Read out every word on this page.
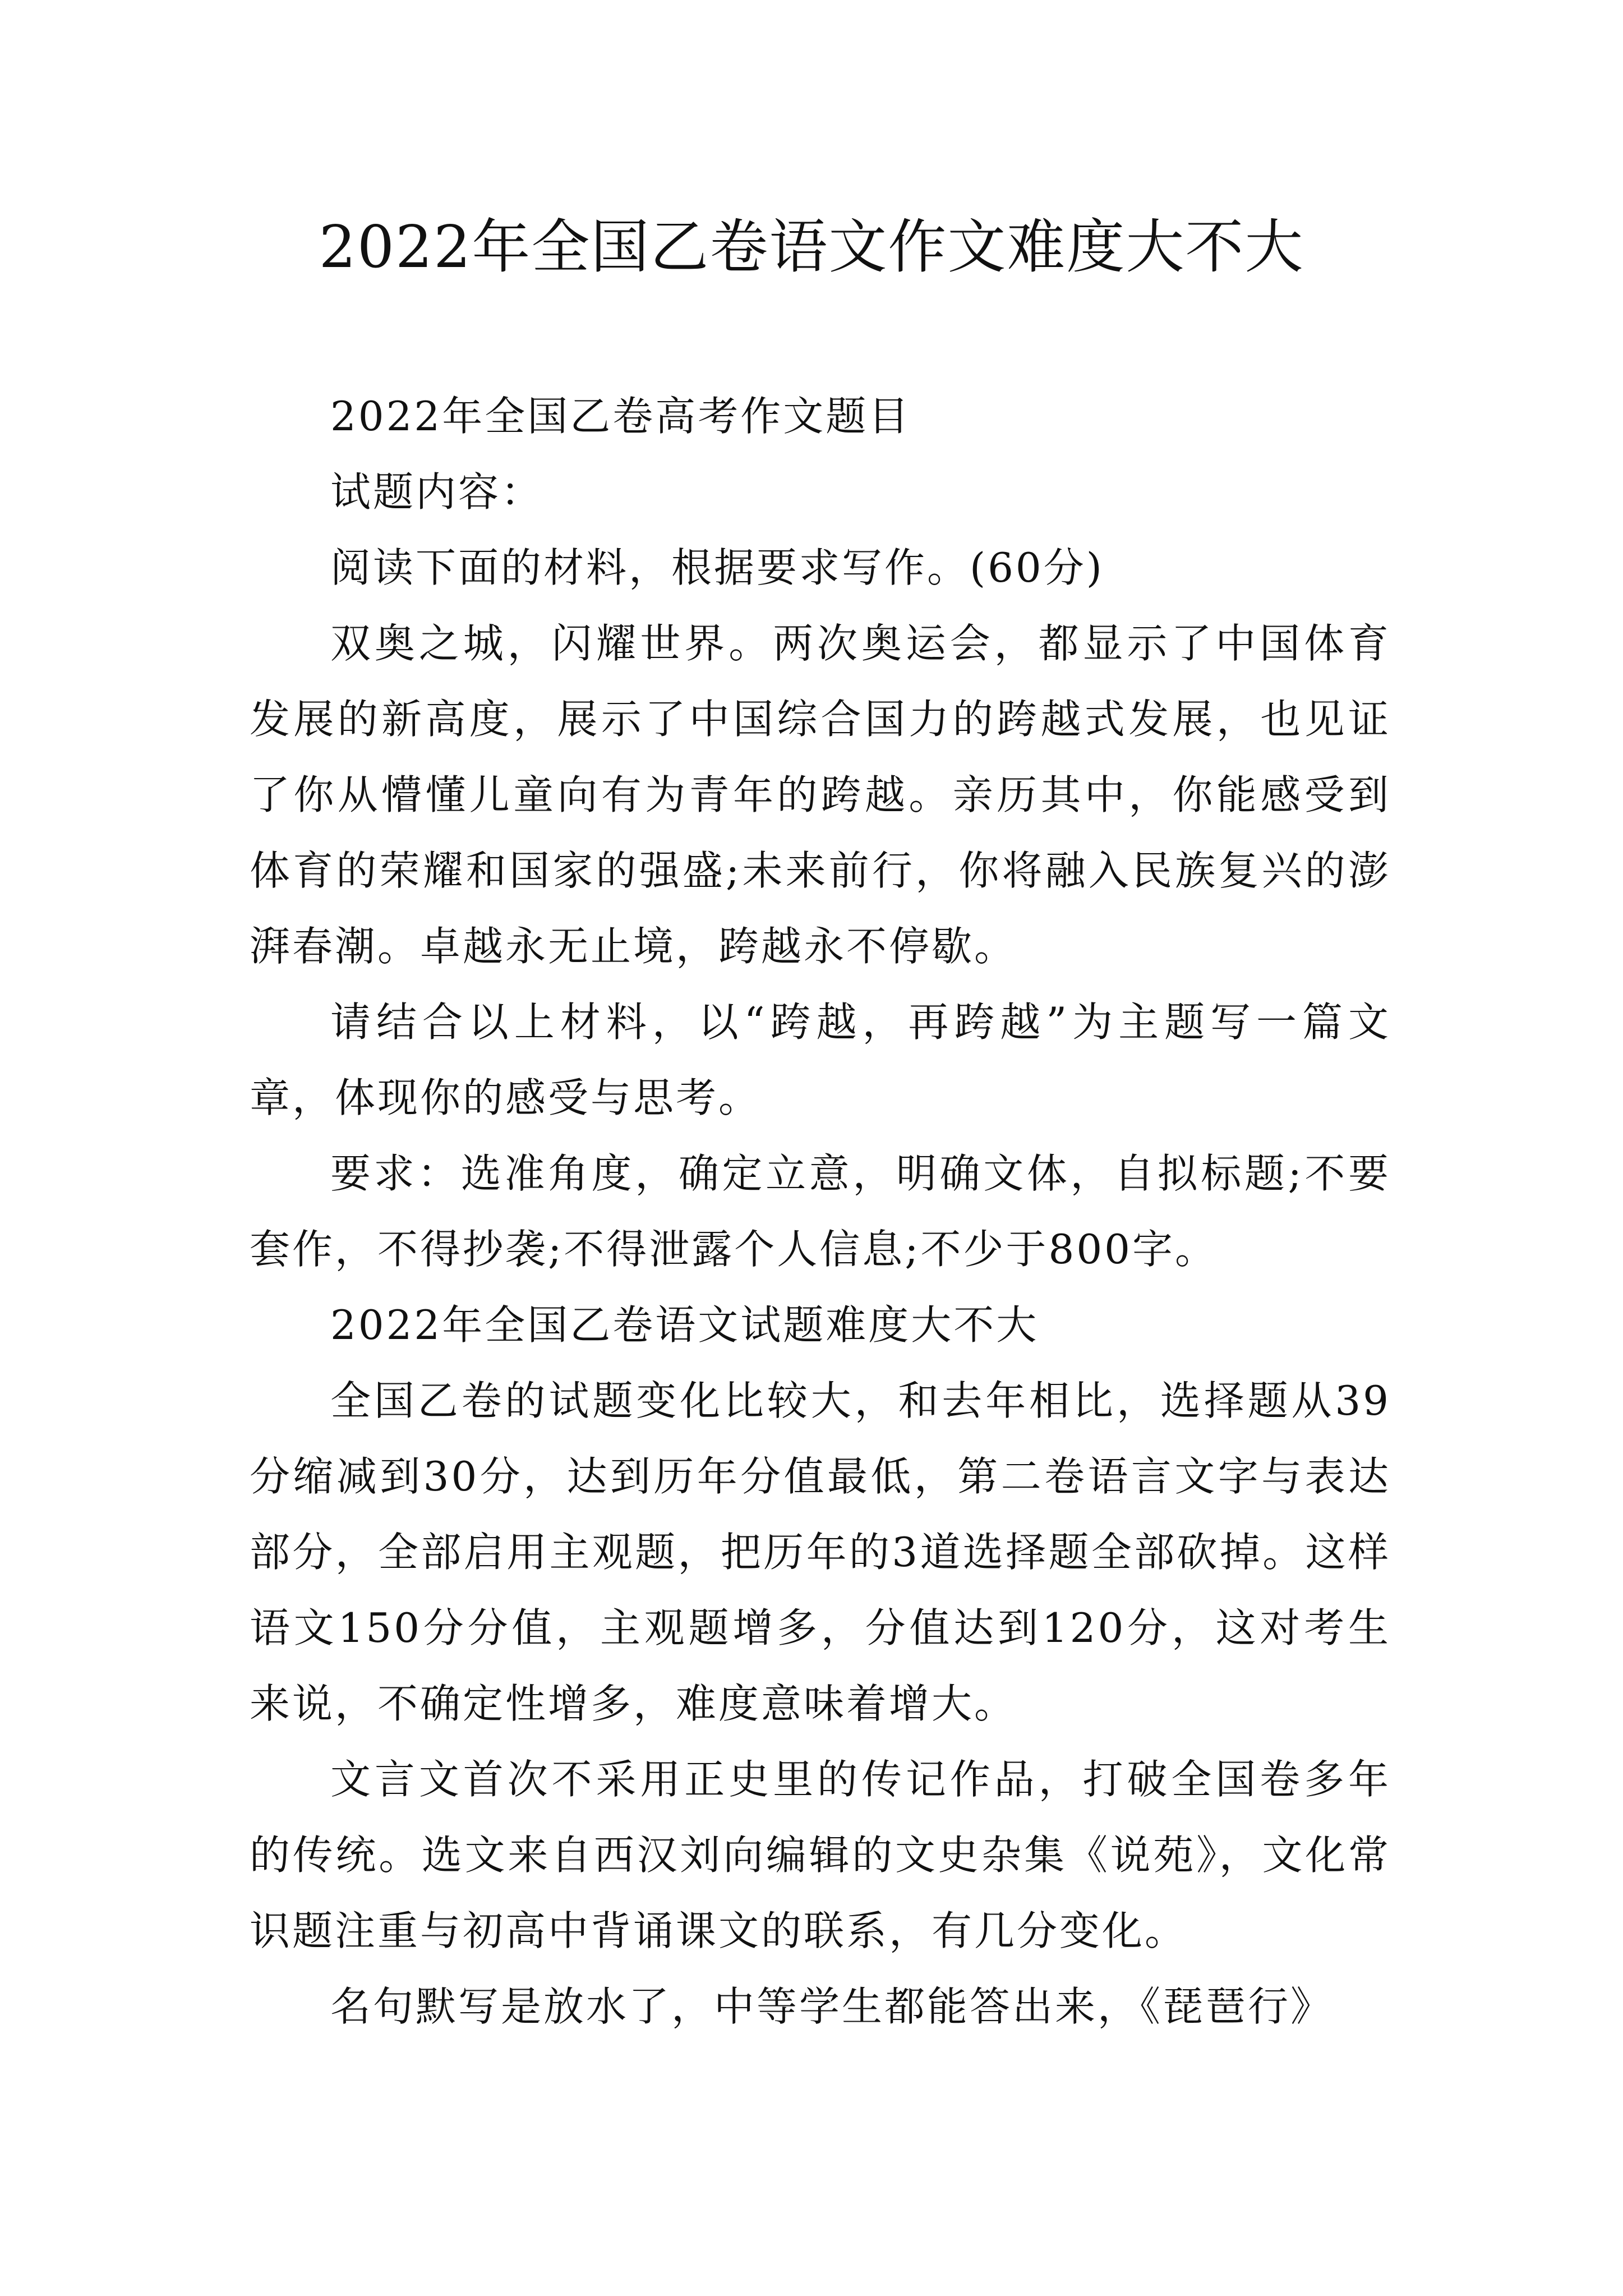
2022年全国乙卷语文作文难度大不大

2022年全国乙卷高考作文题目

试题内容：

阅读下面的材料，根据要求写作。(60分)

双奥之城，闪耀世界。两次奥运会，都显示了中国体育发展的新高度，展示了中国综合国力的跨越式发展，也见证了你从懵懂儿童向有为青年的跨越。亲历其中，你能感受到体育的荣耀和国家的强盛;未来前行，你将融入民族复兴的澎湃春潮。卓越永无止境，跨越永不停歇。

请结合以上材料，以“跨越，再跨越”为主题写一篇文章，体现你的感受与思考。

要求：选准角度，确定立意，明确文体，自拟标题;不要套作，不得抄袭;不得泄露个人信息;不少于800字。

2022年全国乙卷语文试题难度大不大

全国乙卷的试题变化比较大，和去年相比，选择题从39分缩减到30分，达到历年分值最低，第二卷语言文字与表达部分，全部启用主观题，把历年的3道选择题全部砍掉。这样语文150分分值，主观题增多，分值达到120分，这对考生来说，不确定性增多，难度意味着增大。

文言文首次不采用正史里的传记作品，打破全国卷多年的传统。选文来自西汉刘向编辑的文史杂集《说苑》，文化常识题注重与初高中背诵课文的联系，有几分变化。

名句默写是放水了，中等学生都能答出来，《琵琶行》
